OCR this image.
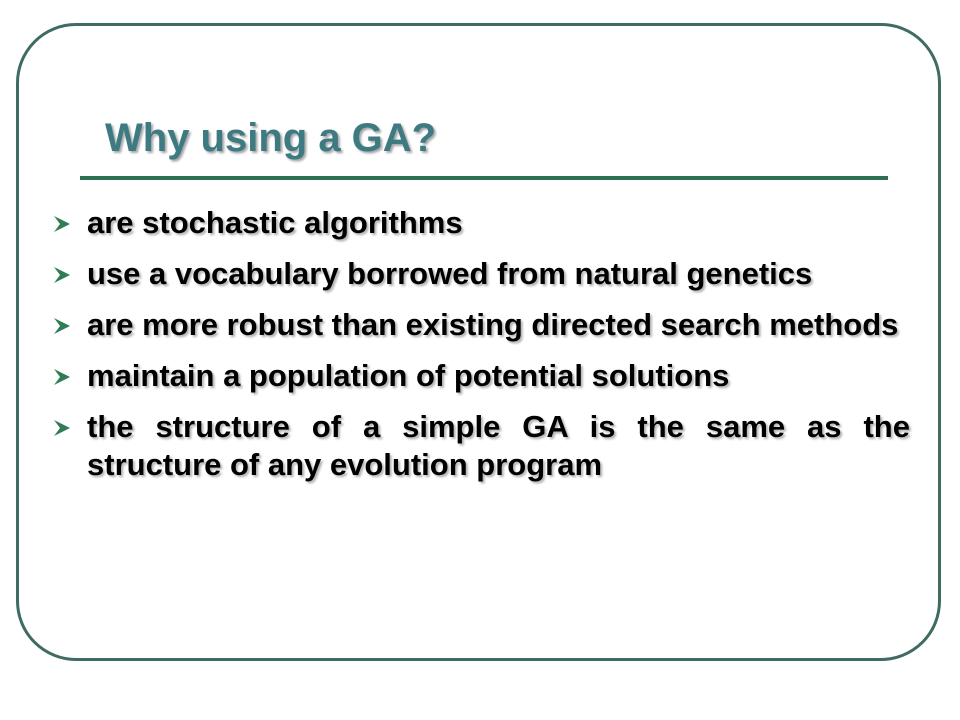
Why using a GA?
are stochastic algorithms
use a vocabulary borrowed from natural genetics
are more robust than existing directed search methods
maintain a population of potential solutions
the structure of a simple GA is the same as the structure of any evolution program
